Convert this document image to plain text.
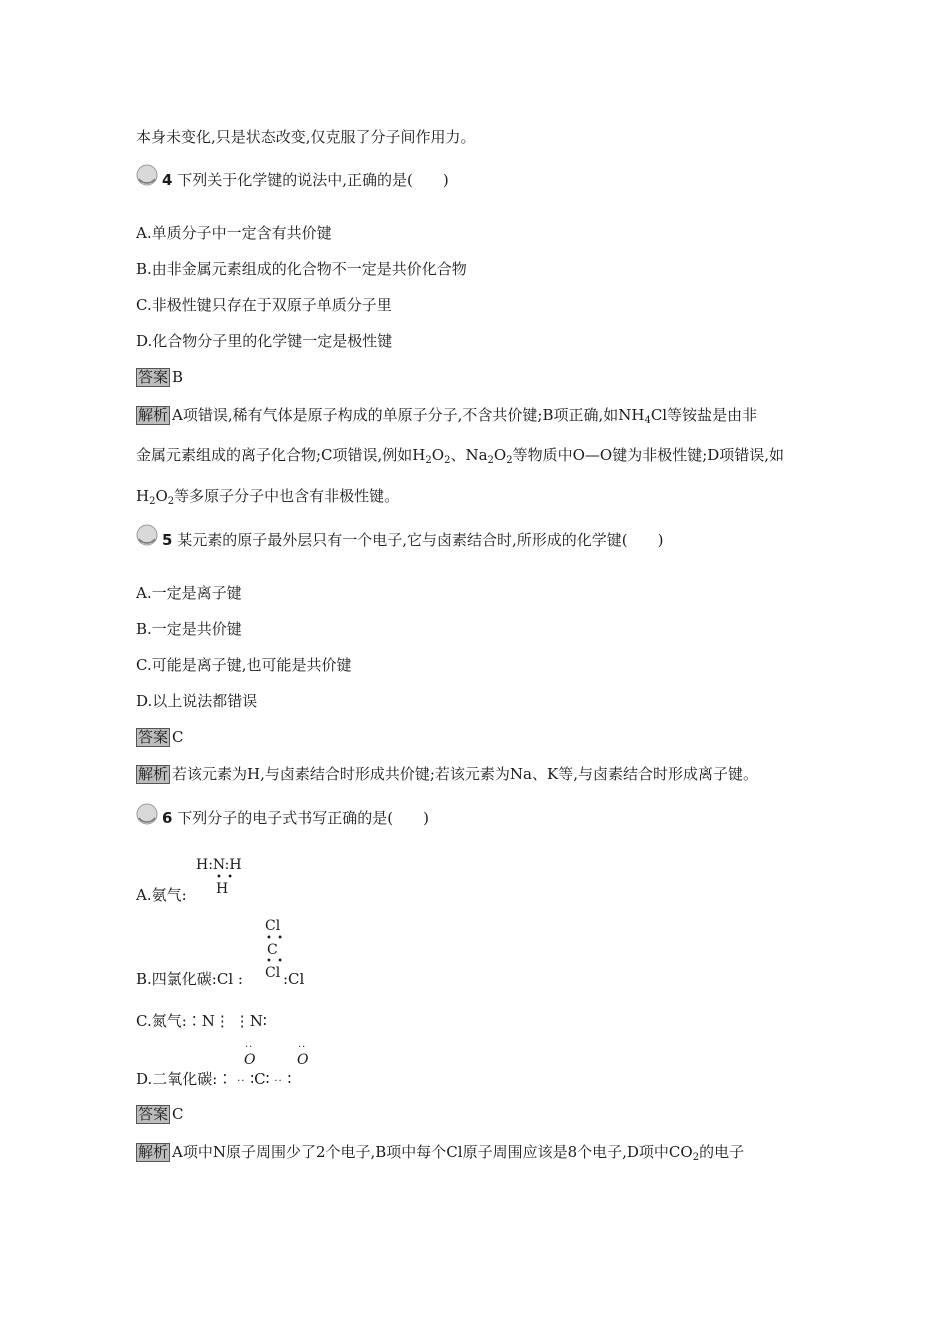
本身未变化,只是状态改变,仅克服了分子间作用力。
4 下列关于化学键的说法中,正确的是(　　)
A.单质分子中一定含有共价键
B.由非金属元素组成的化合物不一定是共价化合物
C.非极性键只存在于双原子单质分子里
D.化合物分子里的化学键一定是极性键
答案 B
解析 A项错误,稀有气体是原子构成的单原子分子,不含共价键;B项正确,如$NH_4Cl$等铵盐是由非
金属元素组成的离子化合物;C项错误,例如$H_2O_2$、$Na_2O_2$等物质中O—O键为非极性键;D项错误,如
$H_2O_2$等多原子分子中也含有非极性键。
5 某元素的原子最外层只有一个电子,它与卤素结合时,所形成的化学键(　　)
A.一定是离子键
B.一定是共价键
C.可能是离子键,也可能是共价键
D.以上说法都错误
答案 C
解析 若该元素为H,与卤素结合时形成共价键;若该元素为Na、K等,与卤素结合时形成离子键。
6 下列分子的电子式书写正确的是(　　)
H:N:H
• •
H
A.氨气:
Cl
• •
C
• •
Cl
B.四氯化碳:Cl :	:Cl
C.氮气:∶N⋮ ⋮N∶
··
O
··
O
D.二氧化碳:∶ ·· ∶C∶ ·· ∶
答案 C
解析 A项中N原子周围少了2个电子,B项中每个Cl原子周围应该是8个电子,D项中$CO_2$的电子
